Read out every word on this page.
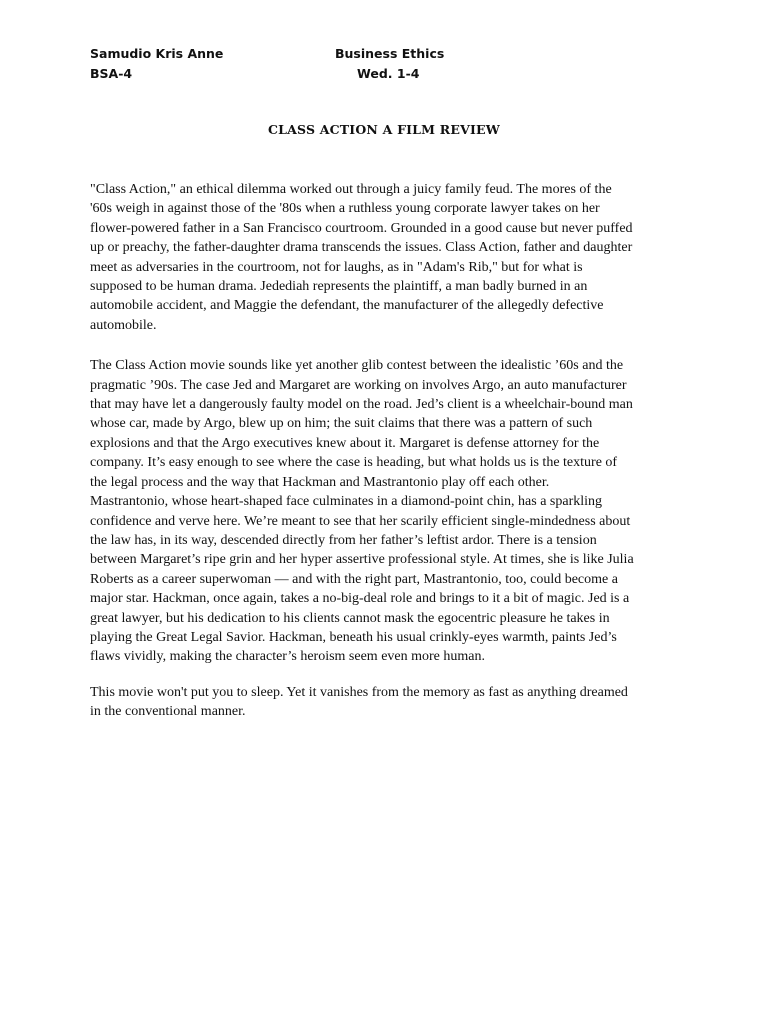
Samudio Kris Anne
BSA-4
Business Ethics
Wed. 1-4
CLASS ACTION A FILM REVIEW

"Class Action," an ethical dilemma worked out through a juicy family feud. The mores of the
'60s weigh in against those of the '80s when a ruthless young corporate lawyer takes on her
flower-powered father in a San Francisco courtroom. Grounded in a good cause but never puffed
up or preachy, the father-daughter drama transcends the issues. Class Action, father and daughter
meet as adversaries in the courtroom, not for laughs, as in "Adam's Rib," but for what is
supposed to be human drama. Jedediah represents the plaintiff, a man badly burned in an
automobile accident, and Maggie the defendant, the manufacturer of the allegedly defective
automobile.

The Class Action movie sounds like yet another glib contest between the idealistic ’60s and the
pragmatic ’90s. The case Jed and Margaret are working on involves Argo, an auto manufacturer
that may have let a dangerously faulty model on the road. Jed’s client is a wheelchair-bound man
whose car, made by Argo, blew up on him; the suit claims that there was a pattern of such
explosions and that the Argo executives knew about it. Margaret is defense attorney for the
company. It’s easy enough to see where the case is heading, but what holds us is the texture of
the legal process and the way that Hackman and Mastrantonio play off each other.
Mastrantonio, whose heart-shaped face culminates in a diamond-point chin, has a sparkling
confidence and verve here. We’re meant to see that her scarily efficient single-mindedness about
the law has, in its way, descended directly from her father’s leftist ardor. There is a tension
between Margaret’s ripe grin and her hyper assertive professional style. At times, she is like Julia
Roberts as a career superwoman — and with the right part, Mastrantonio, too, could become a
major star. Hackman, once again, takes a no-big-deal role and brings to it a bit of magic. Jed is a
great lawyer, but his dedication to his clients cannot mask the egocentric pleasure he takes in
playing the Great Legal Savior. Hackman, beneath his usual crinkly-eyes warmth, paints Jed’s
flaws vividly, making the character’s heroism seem even more human.

This movie won't put you to sleep. Yet it vanishes from the memory as fast as anything dreamed
in the conventional manner.
